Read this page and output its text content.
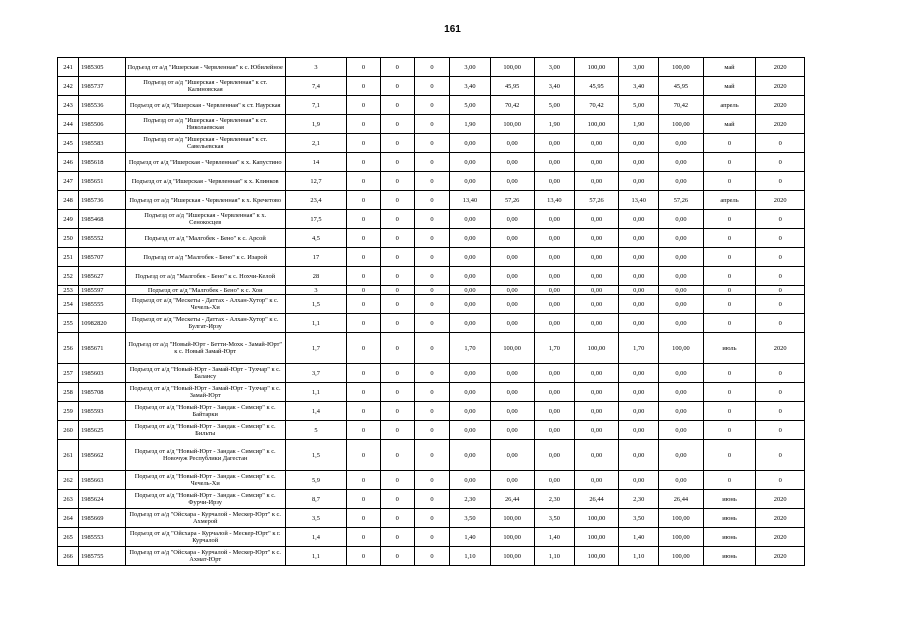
161
241	1985305	Подъезд от а/д "Ишерская - Червленная" к с. Юбилейное	3	0	0	0	3,00	100,00	3,00	100,00	3,00	100,00	май	2020
242	1985737	Подъезд от а/д "Ишерская - Червленная" к ст. Калиновская	7,4	0	0	0	3,40	45,95	3,40	45,95	3,40	45,95	май	2020
243	1985536	Подъезд от а/д "Ишерская - Червленная" к ст. Наурская	7,1	0	0	0	5,00	70,42	5,00	70,42	5,00	70,42	апрель	2020
244	1985506	Подъезд от а/д "Ишерская - Червленная" к ст. Николаевская	1,9	0	0	0	1,90	100,00	1,90	100,00	1,90	100,00	май	2020
245	1985583	Подъезд от а/д "Ишерская - Червленная" к ст. Савельевская	2,1	0	0	0	0,00	0,00	0,00	0,00	0,00	0,00	0	0
246	1985618	Подъезд от а/д "Ишерская - Червленная" к х. Капустино	14	0	0	0	0,00	0,00	0,00	0,00	0,00	0,00	0	0
247	1985651	Подъезд от а/д "Ишерская - Червленная" к х. Клинков	12,7	0	0	0	0,00	0,00	0,00	0,00	0,00	0,00	0	0
248	1985736	Подъезд от а/д "Ишерская - Червленная" к х. Кречетово	23,4	0	0	0	13,40	57,26	13,40	57,26	13,40	57,26	апрель	2020
249	1985468	Подъезд от а/д "Ишерская - Червленная" к х. Сенокосцев	17,5	0	0	0	0,00	0,00	0,00	0,00	0,00	0,00	0	0
250	1985552	Подъезд от а/д "Малгобек - Бено" к с. Арсой	4,5	0	0	0	0,00	0,00	0,00	0,00	0,00	0,00	0	0
251	1985707	Подъезд от а/д "Малгобек - Бено" к с. Изарой	17	0	0	0	0,00	0,00	0,00	0,00	0,00	0,00	0	0
252	1985627	Подъезд от а/д "Малгобек - Бено" к с. Нохчи-Келой	28	0	0	0	0,00	0,00	0,00	0,00	0,00	0,00	0	0
253	1985597	Подъезд от а/д "Малгобек - Бено" к с. Хои	3	0	0	0	0,00	0,00	0,00	0,00	0,00	0,00	0	0
254	1985555	Подъезд от а/д "Мескеты - Даттах - Алхан-Хутор" к с. Чечель-Хи	1,5	0	0	0	0,00	0,00	0,00	0,00	0,00	0,00	0	0
255	10982820	Подъезд от а/д "Мескеты - Даттах - Алхан-Хутор" к с. Булгат-Ирзу	1,1	0	0	0	0,00	0,00	0,00	0,00	0,00	0,00	0	0
256	1985671	Подъезд от а/д "Новый-Юрт - Бетти-Мохк - Замай-Юрт" к с. Новый Замай-Юрт	1,7	0	0	0	1,70	100,00	1,70	100,00	1,70	100,00	июль	2020
257	1985603	Подъезд от а/д "Новый-Юрт - Замай-Юрт - Тухчар" к с. Балансу	3,7	0	0	0	0,00	0,00	0,00	0,00	0,00	0,00	0	0
258	1985708	Подъезд от а/д "Новый-Юрт - Замай-Юрт - Тухчар" к с. Замай-Юрт	1,1	0	0	0	0,00	0,00	0,00	0,00	0,00	0,00	0	0
259	1985593	Подъезд от а/д "Новый-Юрт - Зандак - Симсир" к с. Байтарки	1,4	0	0	0	0,00	0,00	0,00	0,00	0,00	0,00	0	0
260	1985625	Подъезд от а/д "Новый-Юрт - Зандак - Симсир" к с. Бильты	5	0	0	0	0,00	0,00	0,00	0,00	0,00	0,00	0	0
261	1985662	Подъезд от а/д "Новый-Юрт - Зандак - Симсир" к с. Новочуж Республики Дагестан	1,5	0	0	0	0,00	0,00	0,00	0,00	0,00	0,00	0	0
262	1985663	Подъезд от а/д "Новый-Юрт - Зандак - Симсир" к с. Чечель-Хи	5,9	0	0	0	0,00	0,00	0,00	0,00	0,00	0,00	0	0
263	1985624	Подъезд от а/д "Новый-Юрт - Зандак - Симсир" к с. Фурчи-Ирзу	8,7	0	0	0	2,30	26,44	2,30	26,44	2,30	26,44	июнь	2020
264	1985669	Подъезд от а/д "Ойсхара - Курчалой - Мескер-Юрт" к с. Ахмерой	3,5	0	0	0	3,50	100,00	3,50	100,00	3,50	100,00	июнь	2020
265	1985553	Подъезд от а/д "Ойсхара - Курчалой - Мескер-Юрт" к г. Курчалой	1,4	0	0	0	1,40	100,00	1,40	100,00	1,40	100,00	июнь	2020
266	1985755	Подъезд от а/д "Ойсхара - Курчалой - Мескер-Юрт" к с. Ахмат-Юрт	1,1	0	0	0	1,10	100,00	1,10	100,00	1,10	100,00	июнь	2020
